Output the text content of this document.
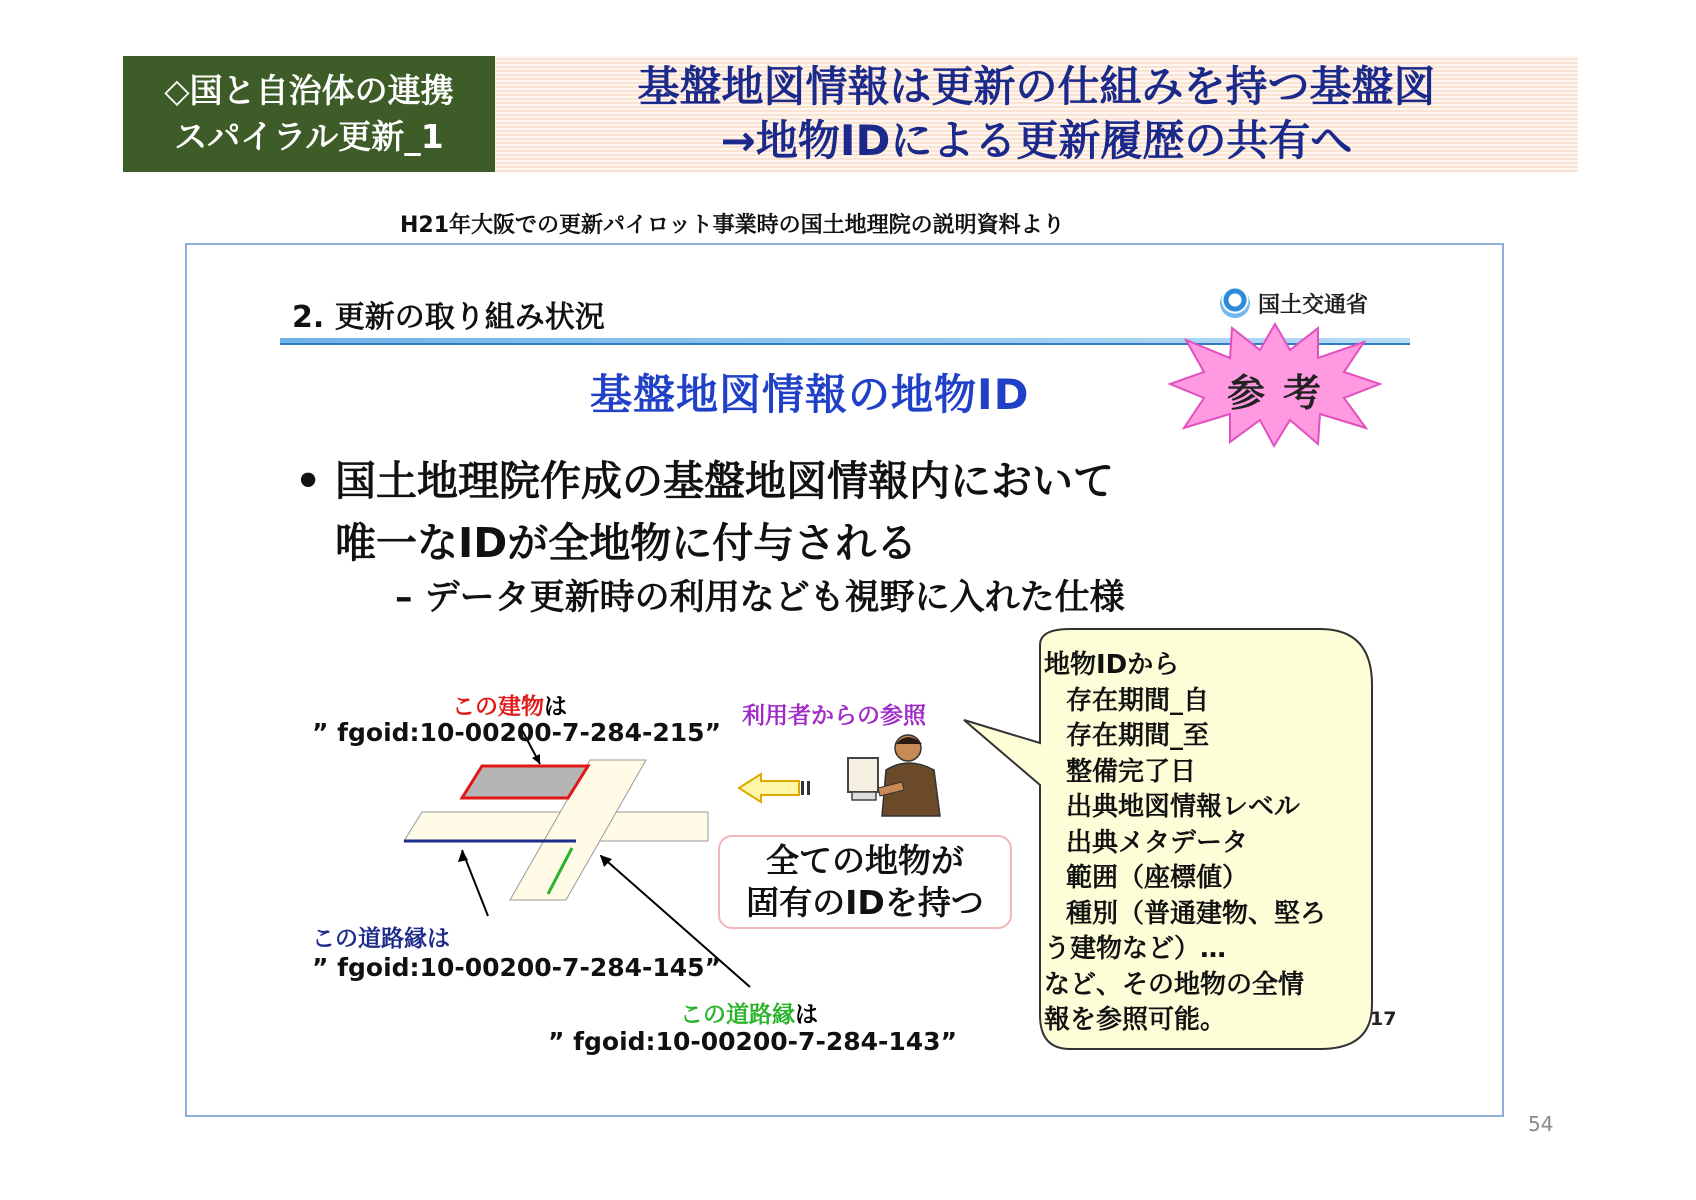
◇国と自治体の連携
スパイラル更新_1
基盤地図情報は更新の仕組みを持つ基盤図
→地物IDによる更新履歴の共有へ
H21年大阪での更新パイロット事業時の国土地理院の説明資料より
2. 更新の取り組み状況	国土交通省
基盤地図情報の地物ID	参考
• 国土地理院作成の基盤地図情報内において
唯一なIDが全地物に付与される
– データ更新時の利用なども視野に入れた仕様
この建物は
” fgoid:10-00200-7-284-215”
この道路縁は
” fgoid:10-00200-7-284-145”
この道路縁は
” fgoid:10-00200-7-284-143”
利用者からの参照
全ての地物が
固有のIDを持つ
地物IDから
存在期間_自
存在期間_至
整備完了日
出典地図情報レベル
出典メタデータ
範囲（座標値）
種別（普通建物、堅ろ
う建物など）…
など、その地物の全情
報を参照可能。	17
54
